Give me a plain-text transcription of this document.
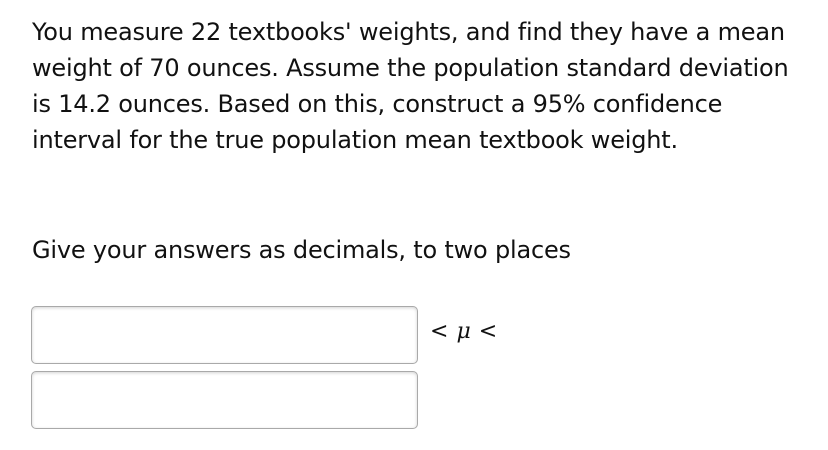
You measure 22 textbooks' weights, and find they have a mean weight of 70 ounces. Assume the population standard deviation is 14.2 ounces. Based on this, construct a 95% confidence interval for the true population mean textbook weight.

Give your answers as decimals, to two places

< μ <
